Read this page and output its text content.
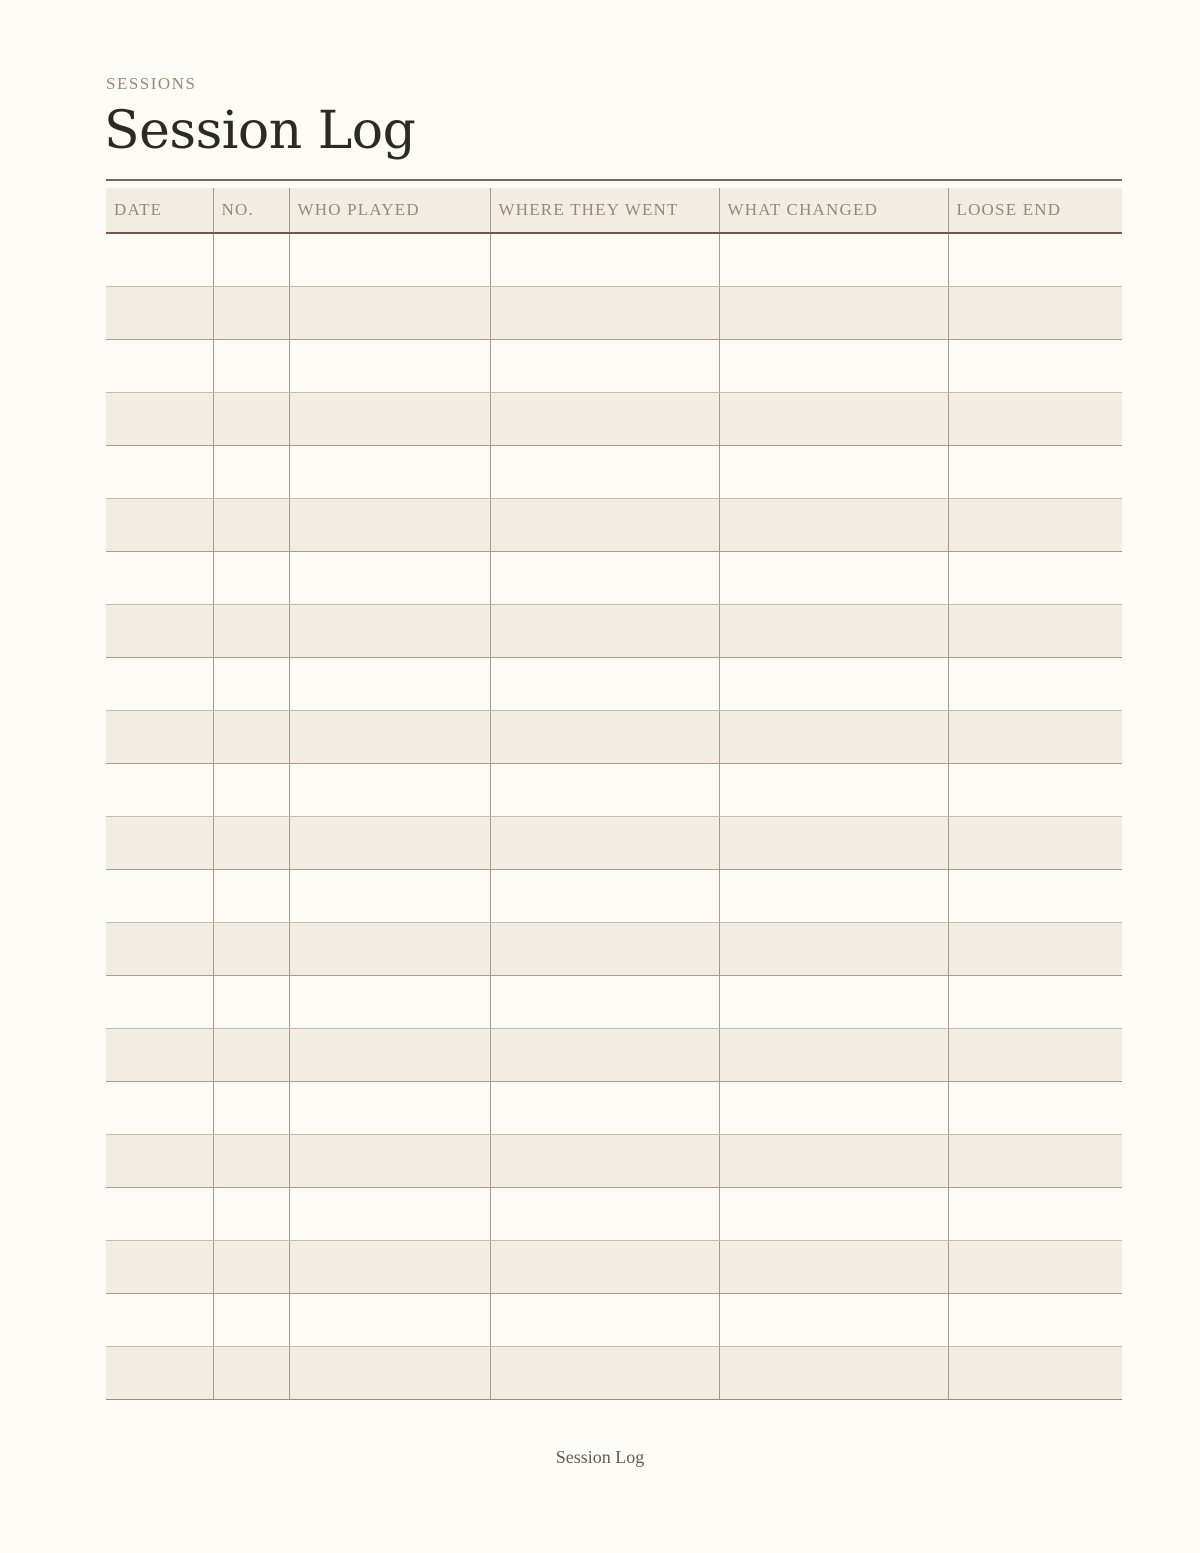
SESSIONS
Session Log
DATE	NO.	WHO PLAYED	WHERE THEY WENT	WHAT CHANGED	LOOSE END

Session Log
